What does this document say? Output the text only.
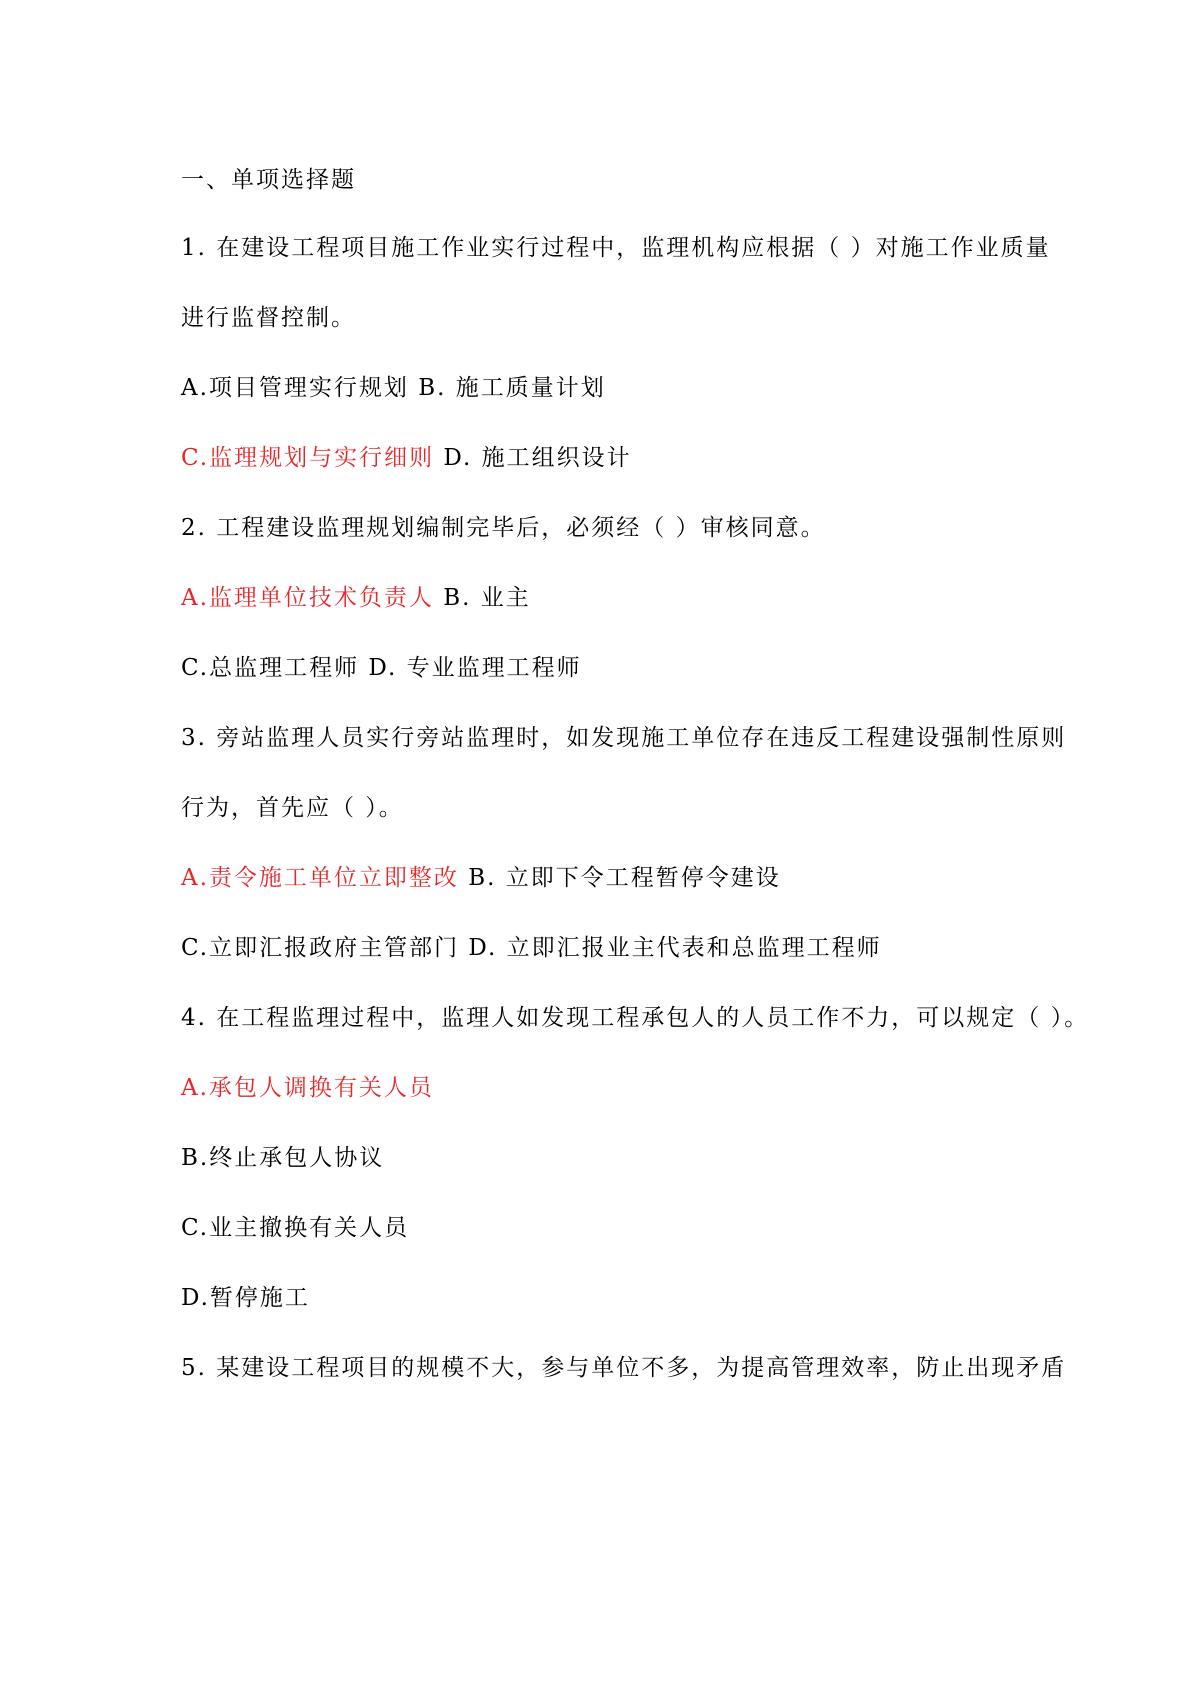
一、单项选择题
1. 在建设工程项目施工作业实行过程中，监理机构应根据（ ）对施工作业质量
进行监督控制。
A.项目管理实行规划 B. 施工质量计划
C.监理规划与实行细则 D. 施工组织设计
2. 工程建设监理规划编制完毕后，必须经（ ）审核同意。
A.监理单位技术负责人 B. 业主
C.总监理工程师 D. 专业监理工程师
3. 旁站监理人员实行旁站监理时，如发现施工单位存在违反工程建设强制性原则
行为，首先应（ ）。
A.责令施工单位立即整改 B. 立即下令工程暂停令建设
C.立即汇报政府主管部门 D. 立即汇报业主代表和总监理工程师
4. 在工程监理过程中，监理人如发现工程承包人的人员工作不力，可以规定（ ）。
A.承包人调换有关人员
B.终止承包人协议
C.业主撤换有关人员
D.暂停施工
5. 某建设工程项目的规模不大，参与单位不多，为提高管理效率，防止出现矛盾
